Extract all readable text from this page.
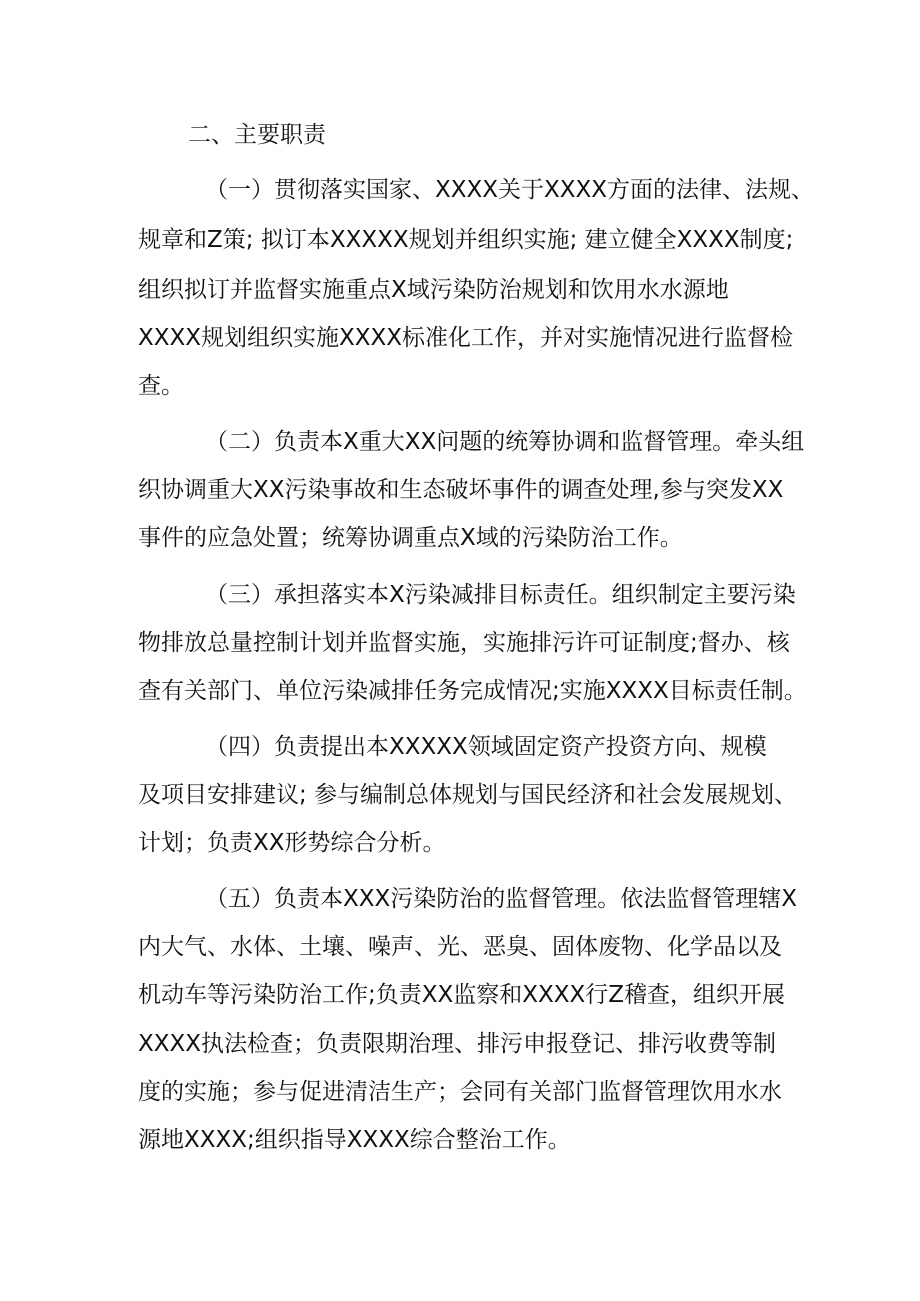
二、主要职责
（一）贯彻落实国家、XXXX关于XXXX方面的法律、法规、
规章和Z策; 拟订本XXXXX规划并组织实施; 建立健全XXXX制度;
组织拟订并监督实施重点X域污染防治规划和饮用水水源地
XXXX规划组织实施XXXX标准化工作，并对实施情况进行监督检
查。
（二）负责本X重大XX问题的统筹协调和监督管理。牵头组
织协调重大XX污染事故和生态破坏事件的调查处理,参与突发XX
事件的应急处置；统筹协调重点X域的污染防治工作。
（三）承担落实本X污染减排目标责任。组织制定主要污染
物排放总量控制计划并监督实施，实施排污许可证制度;督办、核
查有关部门、单位污染减排任务完成情况;实施XXXX目标责任制。
（四）负责提出本XXXXX领域固定资产投资方向、规模
及项目安排建议; 参与编制总体规划与国民经济和社会发展规划、
计划；负责XX形势综合分析。
（五）负责本XXX污染防治的监督管理。依法监督管理辖X
内大气、水体、土壤、噪声、光、恶臭、固体废物、化学品以及
机动车等污染防治工作;负责XX监察和XXXX行Z稽查，组织开展
XXXX执法检查；负责限期治理、排污申报登记、排污收费等制
度的实施；参与促进清洁生产；会同有关部门监督管理饮用水水
源地XXXX;组织指导XXXX综合整治工作。
